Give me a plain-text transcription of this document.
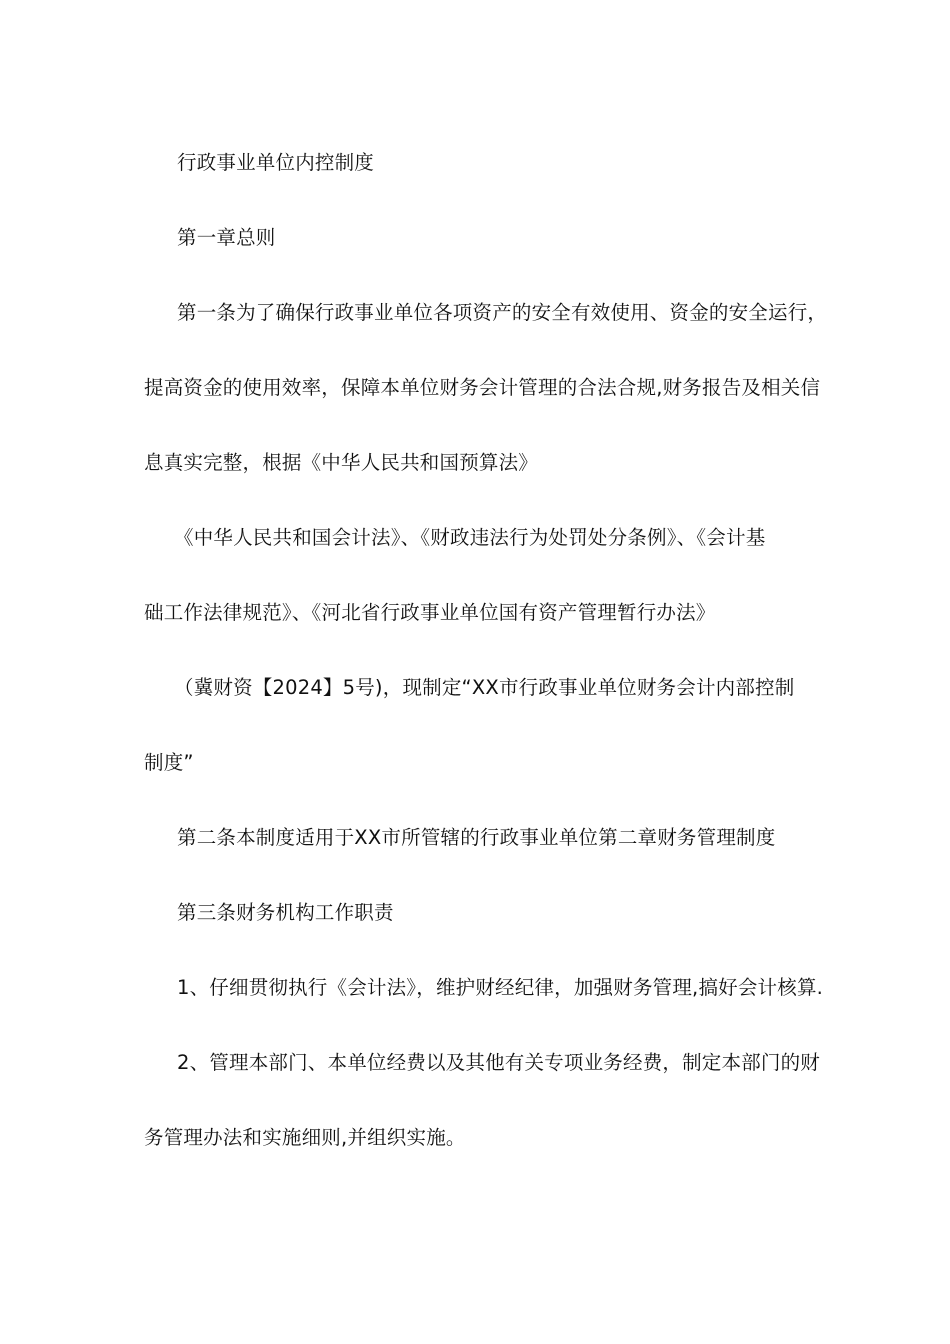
行政事业单位内控制度
第一章总则
第一条为了确保行政事业单位各项资产的安全有效使用、资金的安全运行，
提高资金的使用效率，保障本单位财务会计管理的合法合规,财务报告及相关信
息真实完整，根据《中华人民共和国预算法》
《中华人民共和国会计法》、《财政违法行为处罚处分条例》、《会计基
础工作法律规范》、《河北省行政事业单位国有资产管理暂行办法》
（冀财资【2024】5号)，现制定“XX市行政事业单位财务会计内部控制
制度”
第二条本制度适用于XX市所管辖的行政事业单位第二章财务管理制度
第三条财务机构工作职责
1、仔细贯彻执行《会计法》，维护财经纪律，加强财务管理,搞好会计核算.
2、管理本部门、本单位经费以及其他有关专项业务经费，制定本部门的财
务管理办法和实施细则,并组织实施。
